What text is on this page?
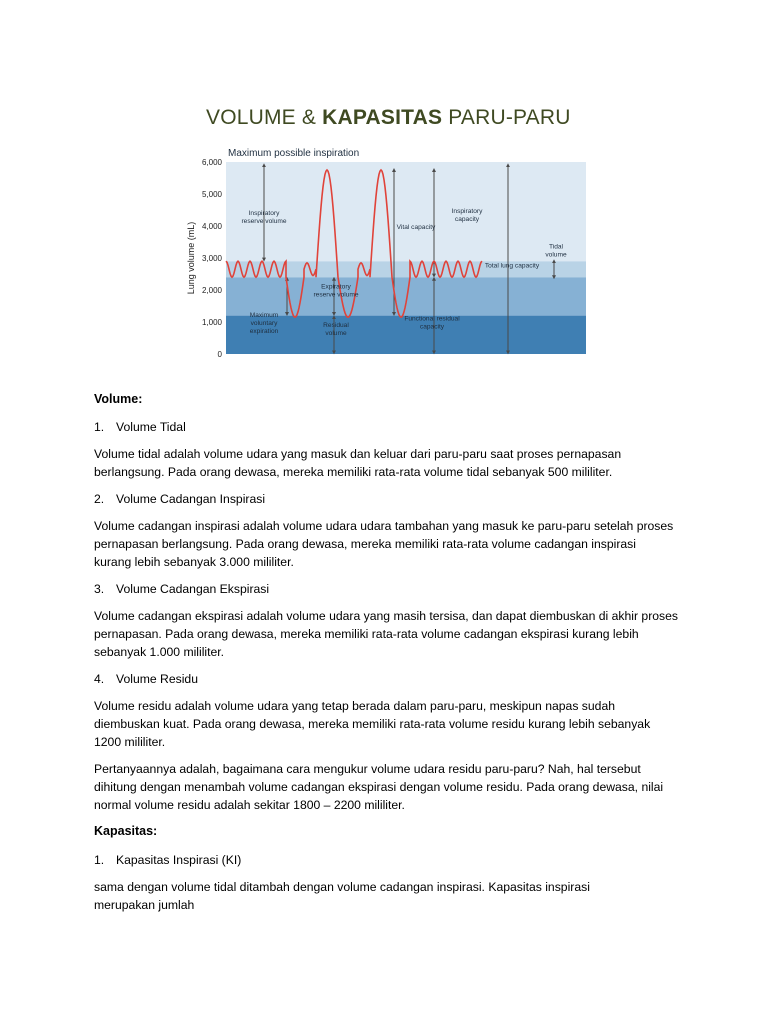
VOLUME & KAPASITAS PARU-PARU
6,000
5,000
4,000
3,000
2,000
1,000
0
Lung volume (mL)
Maximum possible inspiration
Inspiratory reserve volume
Maximum voluntary expiration
Expiratory reserve volume
Residual volume
Vital capacity
Inspiratory capacity
Tidal volume
Total lung capacity
Functional residual capacity

Volume:

1. Volume Tidal

Volume tidal adalah volume udara yang masuk dan keluar dari paru-paru saat proses pernapasan berlangsung. Pada orang dewasa, mereka memiliki rata-rata volume tidal sebanyak 500 mililiter.

2. Volume Cadangan Inspirasi

Volume cadangan inspirasi adalah volume udara udara tambahan yang masuk ke paru-paru setelah proses pernapasan berlangsung. Pada orang dewasa, mereka memiliki rata-rata volume cadangan inspirasi kurang lebih sebanyak 3.000 mililiter.

3. Volume Cadangan Ekspirasi

Volume cadangan ekspirasi adalah volume udara yang masih tersisa, dan dapat diembuskan di akhir proses pernapasan. Pada orang dewasa, mereka memiliki rata-rata volume cadangan ekspirasi kurang lebih sebanyak 1.000 mililiter.

4. Volume Residu

Volume residu adalah volume udara yang tetap berada dalam paru-paru, meskipun napas sudah diembuskan kuat. Pada orang dewasa, mereka memiliki rata-rata volume residu kurang lebih sebanyak 1200 mililiter.

Pertanyaannya adalah, bagaimana cara mengukur volume udara residu paru-paru? Nah, hal tersebut dihitung dengan menambah volume cadangan ekspirasi dengan volume residu. Pada orang dewasa, nilai normal volume residu adalah sekitar 1800 – 2200 mililiter.

Kapasitas:

1. Kapasitas Inspirasi (KI)

sama dengan volume tidal ditambah dengan volume cadangan inspirasi. Kapasitas inspirasi merupakan jumlah
